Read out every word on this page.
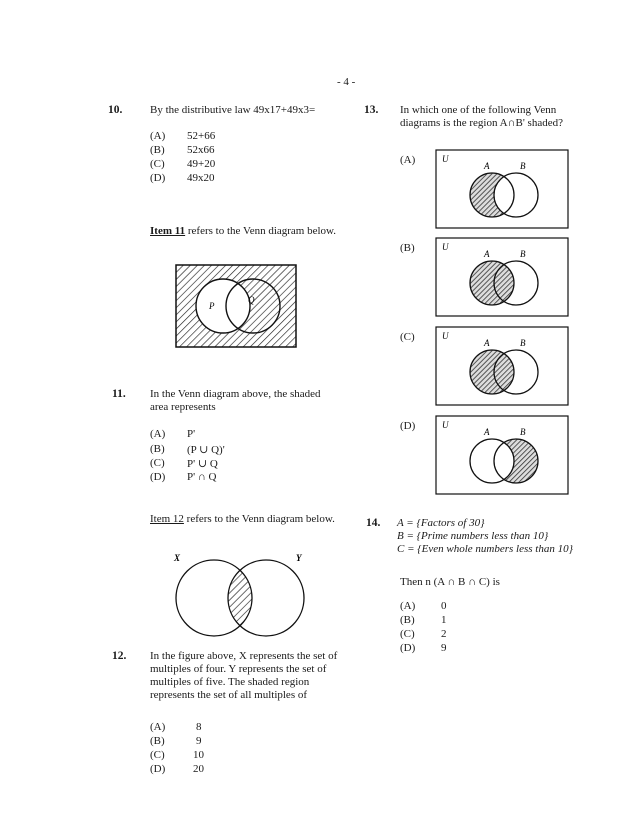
- 4 -
10.	By the distributive law 49x17+49x3=
(A) 52+66
(B) 52x66
(C) 49+20
(D) 49x20
Item 11 refers to the Venn diagram below.
P
Q
11. In the Venn diagram above, the shaded
area represents
(A) P'
(B) (P ∪ Q)'
(C) P' ∪ Q
(D) P' ∩ Q
Item 12 refers to the Venn diagram below.
X	Y
12. In the figure above, X represents the set of
multiples of four. Y represents the set of
multiples of five. The shaded region
represents the set of all multiples of
(A)	8
(B)	9
(C)	10
(D)	20
13. In which one of the following Venn
diagrams is the region A∩B' shaded?
(A)	U
A	B
(B)	U
A	B
(C)	U
A	B
(D)	U
A	B
14. A = {Factors of 30}
B = {Prime numbers less than 10}
C = {Even whole numbers less than 10}
Then n (A ∩ B ∩ C) is
(A) 0
(B) 1
(C) 2
(D) 9
